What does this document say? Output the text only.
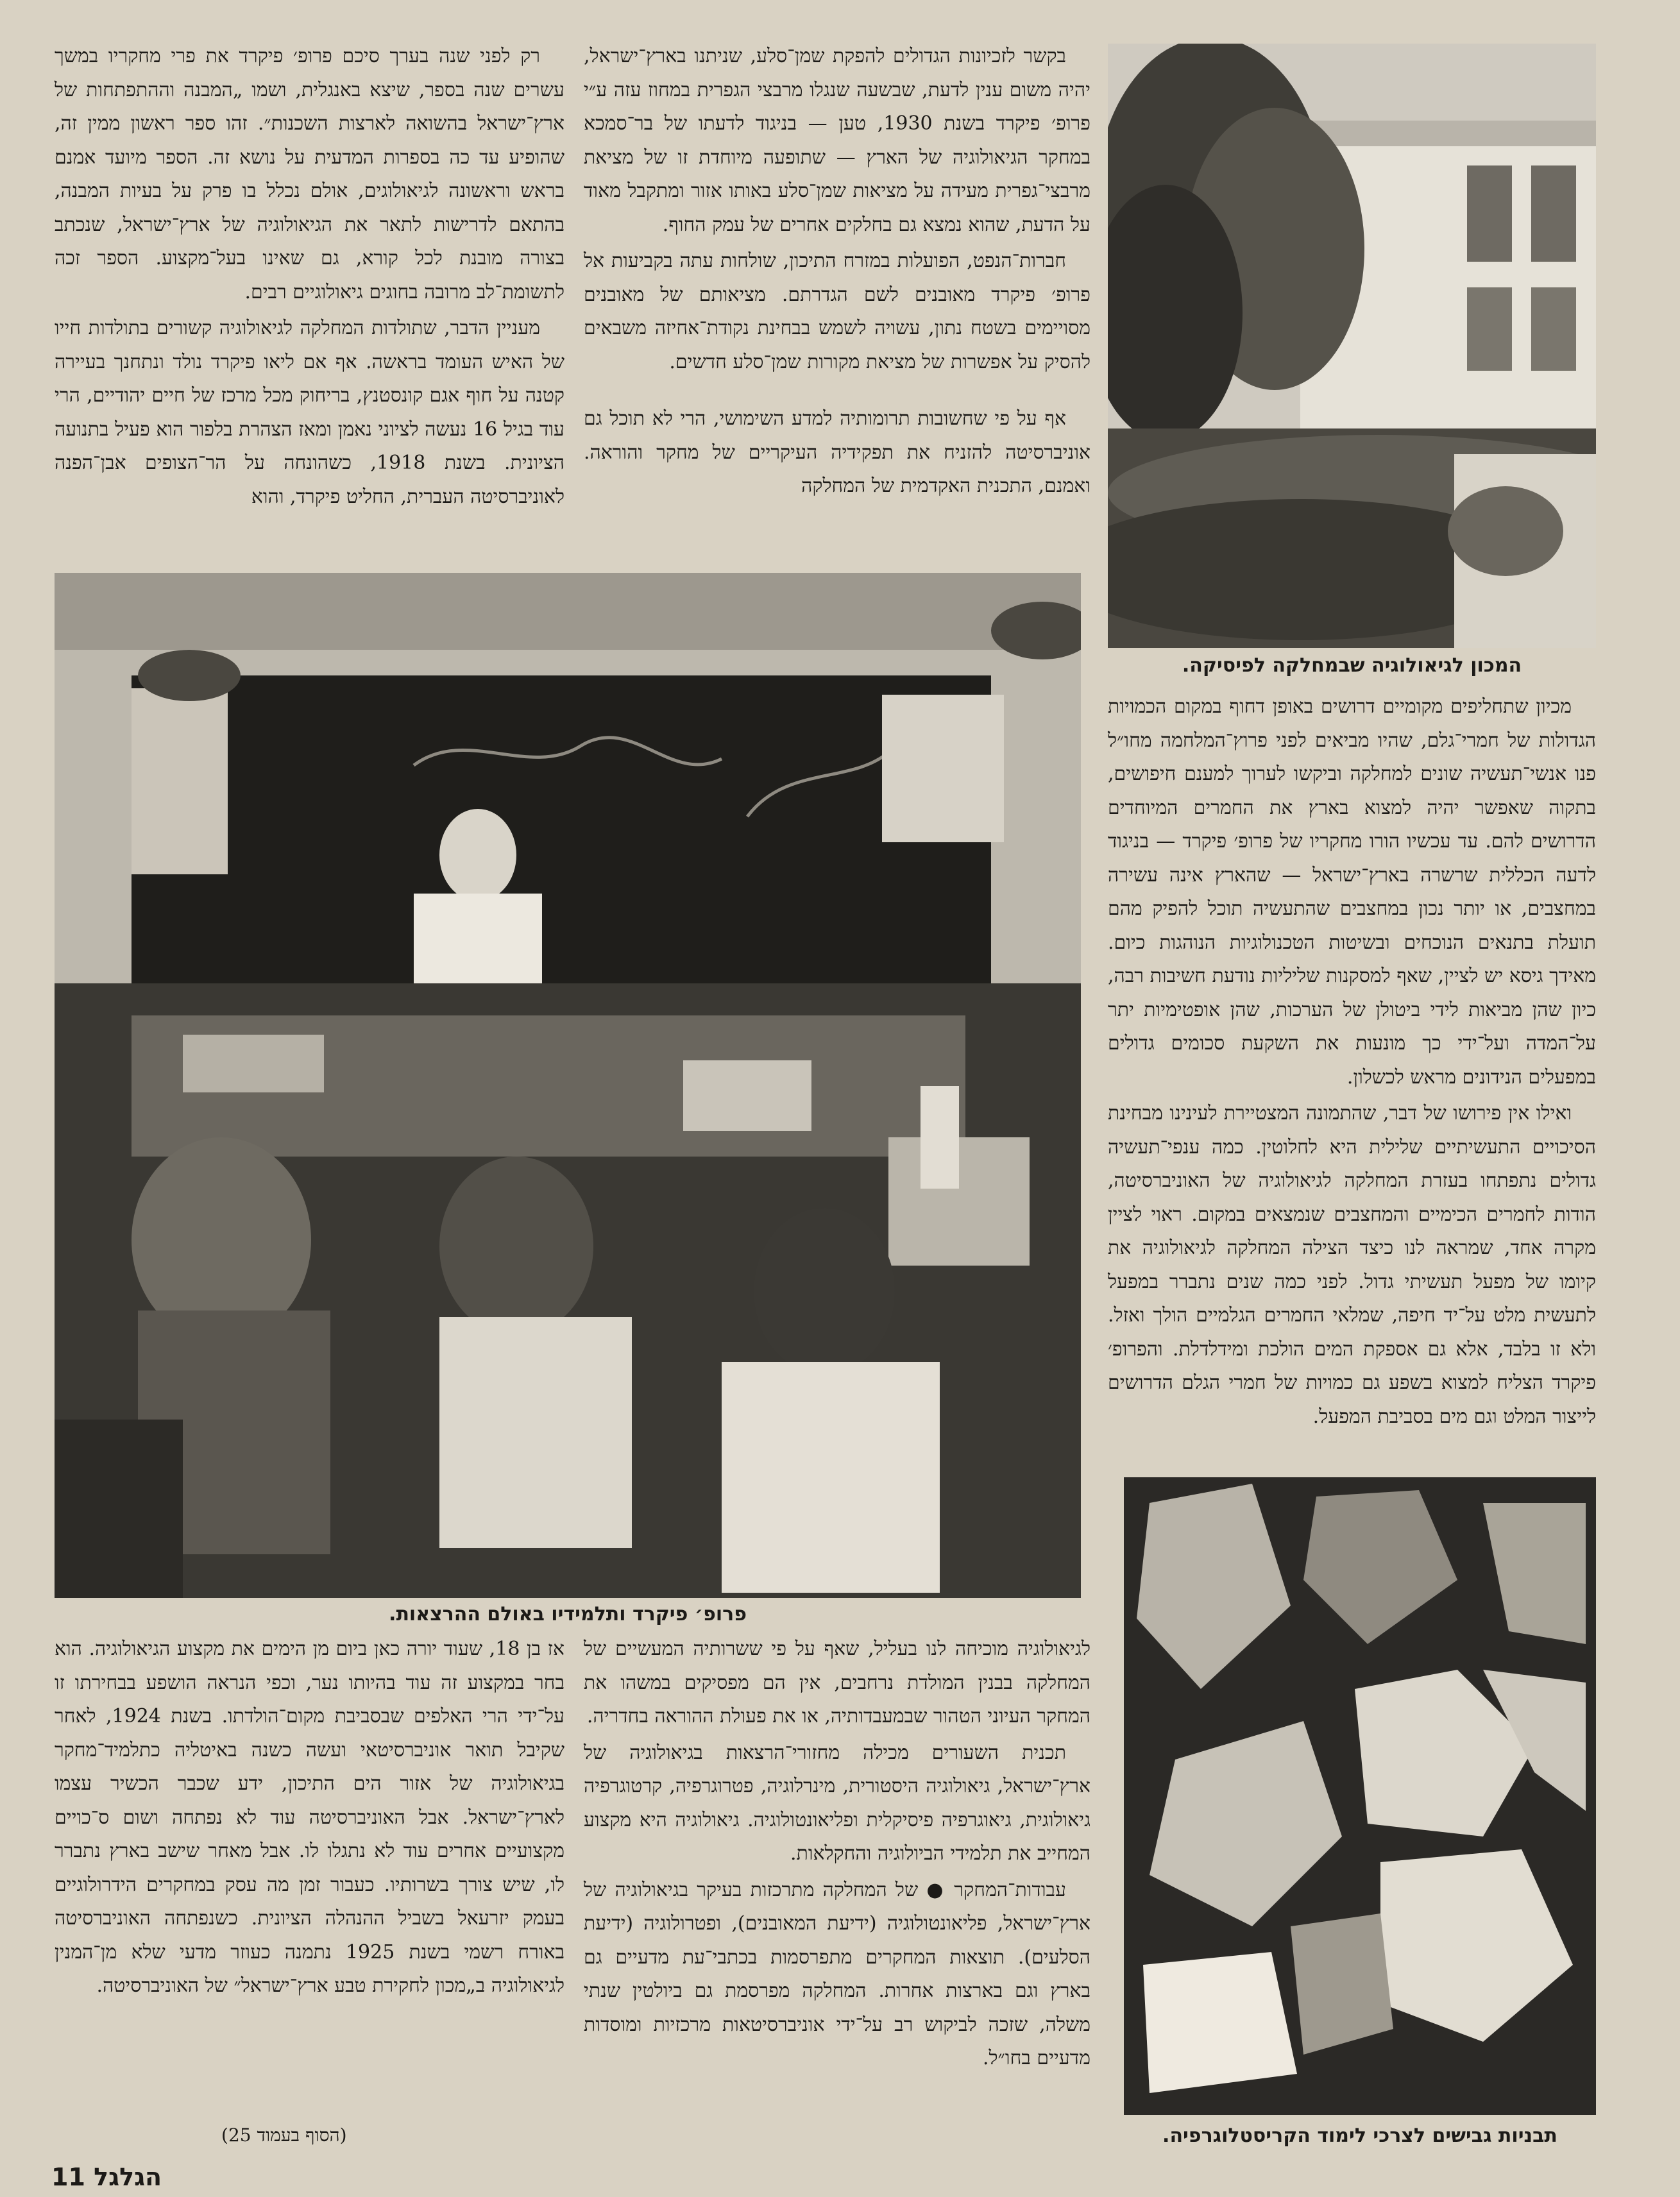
המכון לגיאולוגיה שבמחלקה לפיסיקה.

בקשר לזכיונות הגדולים להפקת שמן־סלע, שניתנו בארץ־ישראל, יהיה משום ענין לדעת, שבשעה שנגלו מרבצי הגפרית במחוז עזה ע״י פרופ׳ פיקרד בשנת 1930, טען — בניגוד לדעתו של בר־סמכא במחקר הגיאולוגיה של הארץ — שתופעה מיוחדת זו של מציאת מרבצי־גפרית מעידה על מציאות שמן־סלע באותו אזור ומתקבל מאוד על הדעת, שהוא נמצא גם בחלקים אחרים של עמק החוף.

חברות־הנפט, הפועלות במזרח התיכון, שולחות עתה בקביעות אל פרופ׳ פיקרד מאובנים לשם הגדרתם. מציאותם של מאובנים מסויימים בשטח נתון, עשויה לשמש בבחינת נקודת־אחיזה משבאים להסיק על אפשרות של מציאת מקורות שמן־סלע חדשים.

אף על פי שחשובות תרומותיה למדע השימושי, הרי לא תוכל גם אוניברסיטה להזניח את תפקידיה העיקריים של מחקר והוראה. ואמנם, התכנית האקדמית של המחלקה

רק לפני שנה בערך סיכם פרופ׳ פיקרד את פרי מחקריו במשך עשרים שנה בספר, שיצא באנגלית, ושמו „המבנה וההתפתחות של ארץ־ישראל בהשואה לארצות השכנות״. זהו ספר ראשון ממין זה, שהופיע עד כה בספרות המדעית על נושא זה. הספר מיועד אמנם בראש וראשונה לגיאולוגים, אולם נכלל בו פרק על בעיות המבנה, בהתאם לדרישות לתאר את הגיאולוגיה של ארץ־ישראל, שנכתב בצורה מובנת לכל קורא, גם שאינו בעל־מקצוע. הספר זכה לתשומת־לב מרובה בחוגים גיאולוגיים רבים.

מעניין הדבר, שתולדות המחלקה לגיאולוגיה קשורים בתולדות חייו של האיש העומד בראשה. אף אם ליאו פיקרד נולד ונתחנך בעיירה קטנה על חוף אגם קונסטנץ, בריחוק מכל מרכז של חיים יהודיים, הרי עוד בגיל 16 נעשה לציוני נאמן ומאז הצהרת בלפור הוא פעיל בתנועה הציונית. בשנת 1918, כשהונחה על הר־הצופים אבן־הפנה לאוניברסיטה העברית, החליט פיקרד, והוא

פרופ׳ פיקרד ותלמידיו באולם ההרצאות.

מכיון שתחליפים מקומיים דרושים באופן דחוף במקום הכמויות הגדולות של חמרי־גלם, שהיו מביאים לפני פרוץ־המלחמה מחו״ל פנו אנשי־תעשיה שונים למחלקה וביקשו לערוך למענם חיפושים, בתקוה שאפשר יהיה למצוא בארץ את החמרים המיוחדים הדרושים להם. עד עכשיו הורו מחקריו של פרופ׳ פיקרד — בניגוד לדעה הכללית שרשרה בארץ־ישראל — שהארץ אינה עשירה במחצבים, או יותר נכון במחצבים שהתעשיה תוכל להפיק מהם תועלת בתנאים הנוכחים ובשיטות הטכנולוגיות הנוהגות כיום. מאידך גיסא יש לציין, שאף למסקנות שליליות נודעת חשיבות רבה, כיון שהן מביאות לידי ביטולן של הערכות, שהן אופטימיות יתר על־המדה ועל־ידי כך מונעות את השקעת סכומים גדולים במפעלים הנידונים מראש לכשלון.

ואילו אין פירושו של דבר, שהתמונה המצטיירת לעינינו מבחינת הסיכויים התעשיתיים שלילית היא לחלוטין. כמה ענפי־תעשיה גדולים נתפתחו בעזרת המחלקה לגיאולוגיה של האוניברסיטה, הודות לחמרים הכימיים והמחצבים שנמצאים במקום. ראוי לציין מקרה אחד, שמראה לנו כיצד הצילה המחלקה לגיאולוגיה את קיומו של מפעל תעשיתי גדול. לפני כמה שנים נתברר במפעל לתעשית מלט על־יד חיפה, שמלאי החמרים הגלמיים הולך ואזל. ולא זו בלבד, אלא גם אספקת המים הולכת ומידלדלת. והפרופ׳ פיקרד הצליח למצוא בשפע גם כמויות של חמרי הגלם הדרושים לייצור המלט וגם מים בסביבת המפעל.

תבניות גבישים לצרכי לימוד הקריסטלוגרפיה.

לגיאולוגיה מוכיחה לנו בעליל, שאף על פי ששרותיה המעשיים של המחלקה בבנין המולדת נרחבים, אין הם מפסיקים במשהו את המחקר העיוני הטהור שבמעבדותיה, או את פעולת ההוראה בחדריה.

תכנית השעורים מכילה מחזורי־הרצאות בגיאולוגיה של ארץ־ישראל, גיאולוגיה היסטורית, מינרלוגיה, פטרוגרפיה, קרטוגרפיה גיאולוגית, גיאוגרפיה פיסיקלית ופליאונטולוגיה. גיאולוגיה היא מקצוע המחייב את תלמידי הביולוגיה והחקלאות.

עבודות־המחקר ● של המחלקה מתרכזות בעיקר בגיאולוגיה של ארץ־ישראל, פליאונטולוגיה (ידיעת המאובנים), ופטרולוגיה (ידיעת הסלעים). תוצאות המחקרים מתפרסמות בכתבי־עת מדעיים גם בארץ וגם בארצות אחרות. המחלקה מפרסמת גם ביולטין שנתי משלה, שזכה לביקוש רב על־ידי אוניברסיטאות מרכזיות ומוסדות מדעיים בחו״ל.

אז בן 18, שעוד יורה כאן ביום מן הימים את מקצוע הגיאולוגיה. הוא בחר במקצוע זה עוד בהיותו נער, וכפי הנראה הושפע בבחירתו זו על־ידי הרי האלפים שבסביבת מקום־הולדתו. בשנת 1924, לאחר שקיבל תואר אוניברסיטאי ועשה כשנה באיטליה כתלמיד־מחקר בגיאולוגיה של אזור הים התיכון, ידע שכבר הכשיר עצמו לארץ־ישראל. אבל האוניברסיטה עוד לא נפתחה ושום ס־כויים מקצועיים אחרים עוד לא נתגלו לו. אבל מאחר שישב בארץ נתברר לו, שיש צורך בשרותיו. כעבור זמן מה עסק במחקרים הידרולוגיים בעמק יזרעאל בשביל ההנהלה הציונית. כשנפתחה האוניברסיטה באורח רשמי בשנת 1925 נתמנה כעוזר מדעי שלא מן־המנין לגיאולוגיה ב„מכון לחקירת טבע ארץ־ישראל״ של האוניברסיטה.

(הסוף בעמוד 25)
הגלגל 11
